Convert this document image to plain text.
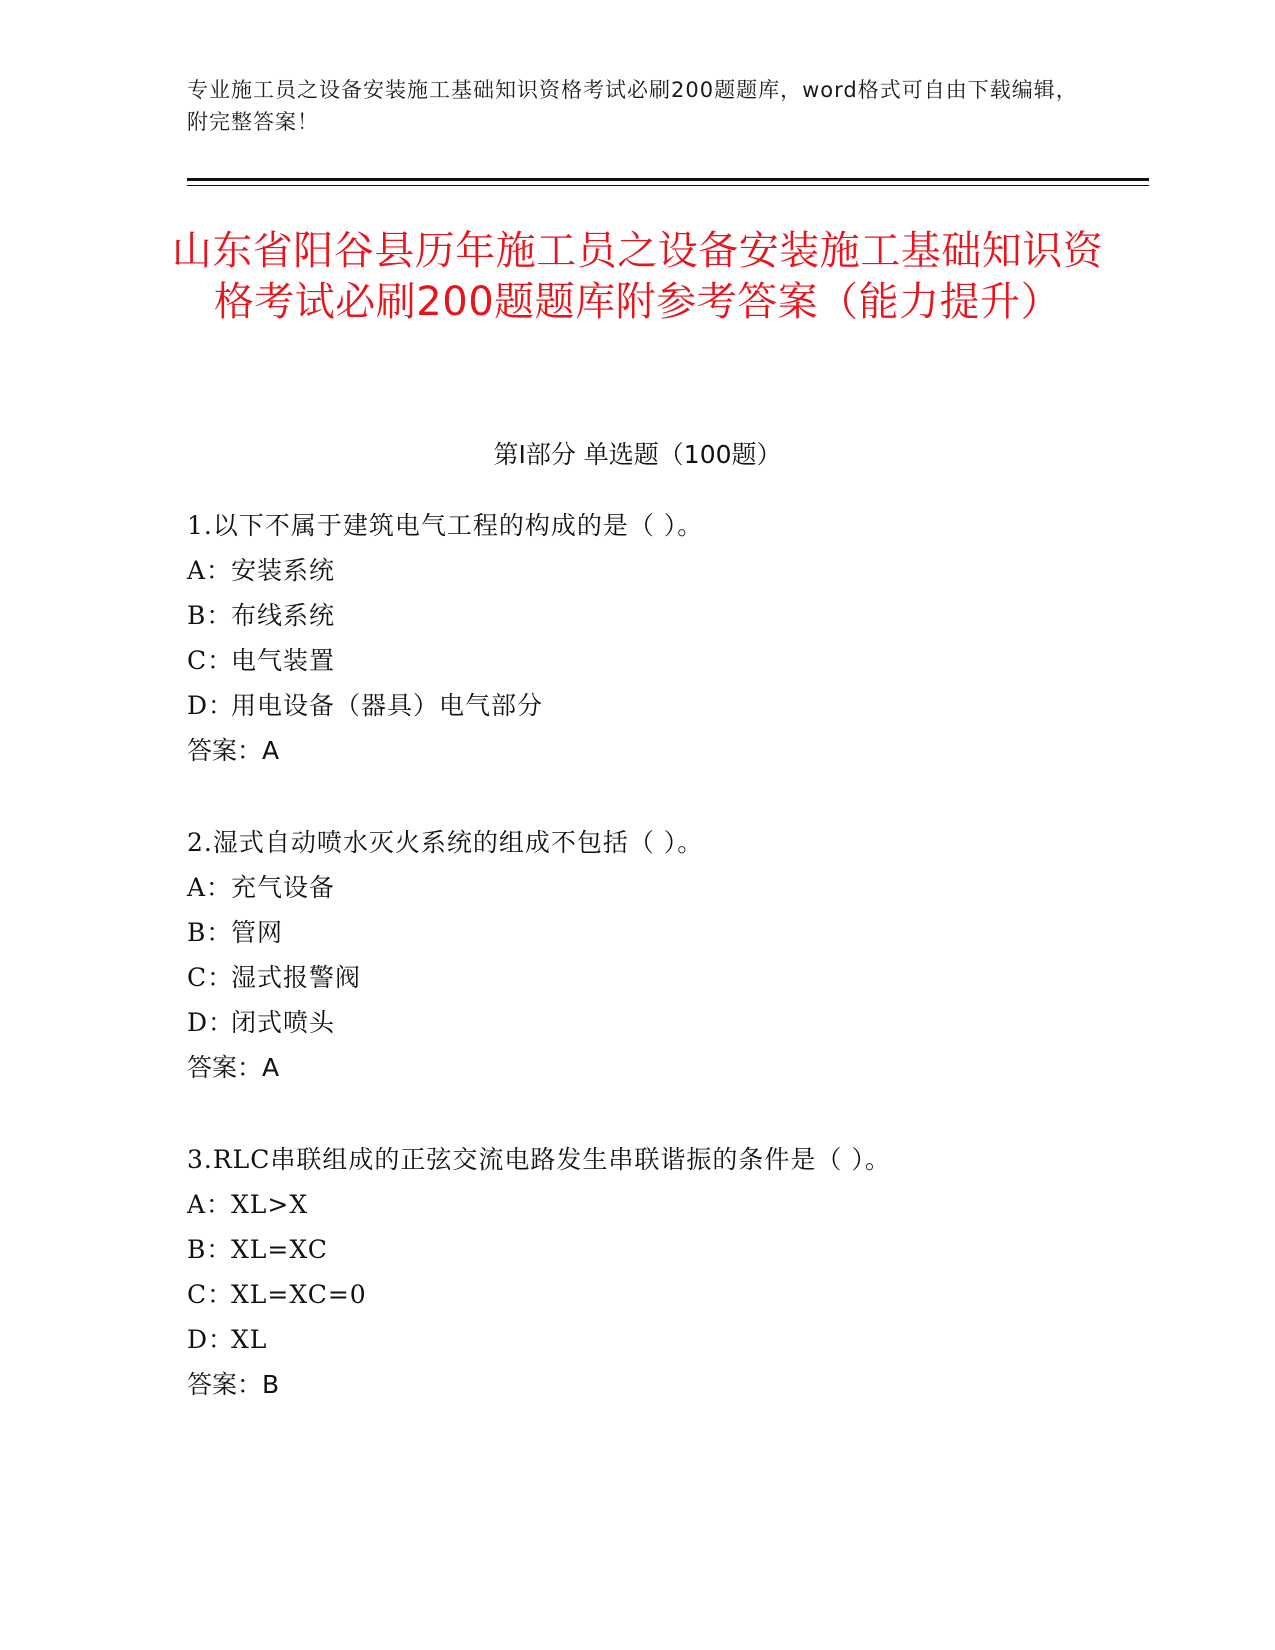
专业施工员之设备安装施工基础知识资格考试必刷200题题库，word格式可自由下载编辑，附完整答案！
山东省阳谷县历年施工员之设备安装施工基础知识资格考试必刷200题题库附参考答案（能力提升）
第I部分 单选题（100题）
1.以下不属于建筑电气工程的构成的是（ ）。
A：安装系统
B：布线系统
C：电气装置
D：用电设备（器具）电气部分
答案：A
2.湿式自动喷水灭火系统的组成不包括（ ）。
A：充气设备
B：管网
C：湿式报警阀
D：闭式喷头
答案：A
3.RLC串联组成的正弦交流电路发生串联谐振的条件是（ ）。
A：XL>X
B：XL=XC
C：XL=XC=0
D：XL
答案：B
